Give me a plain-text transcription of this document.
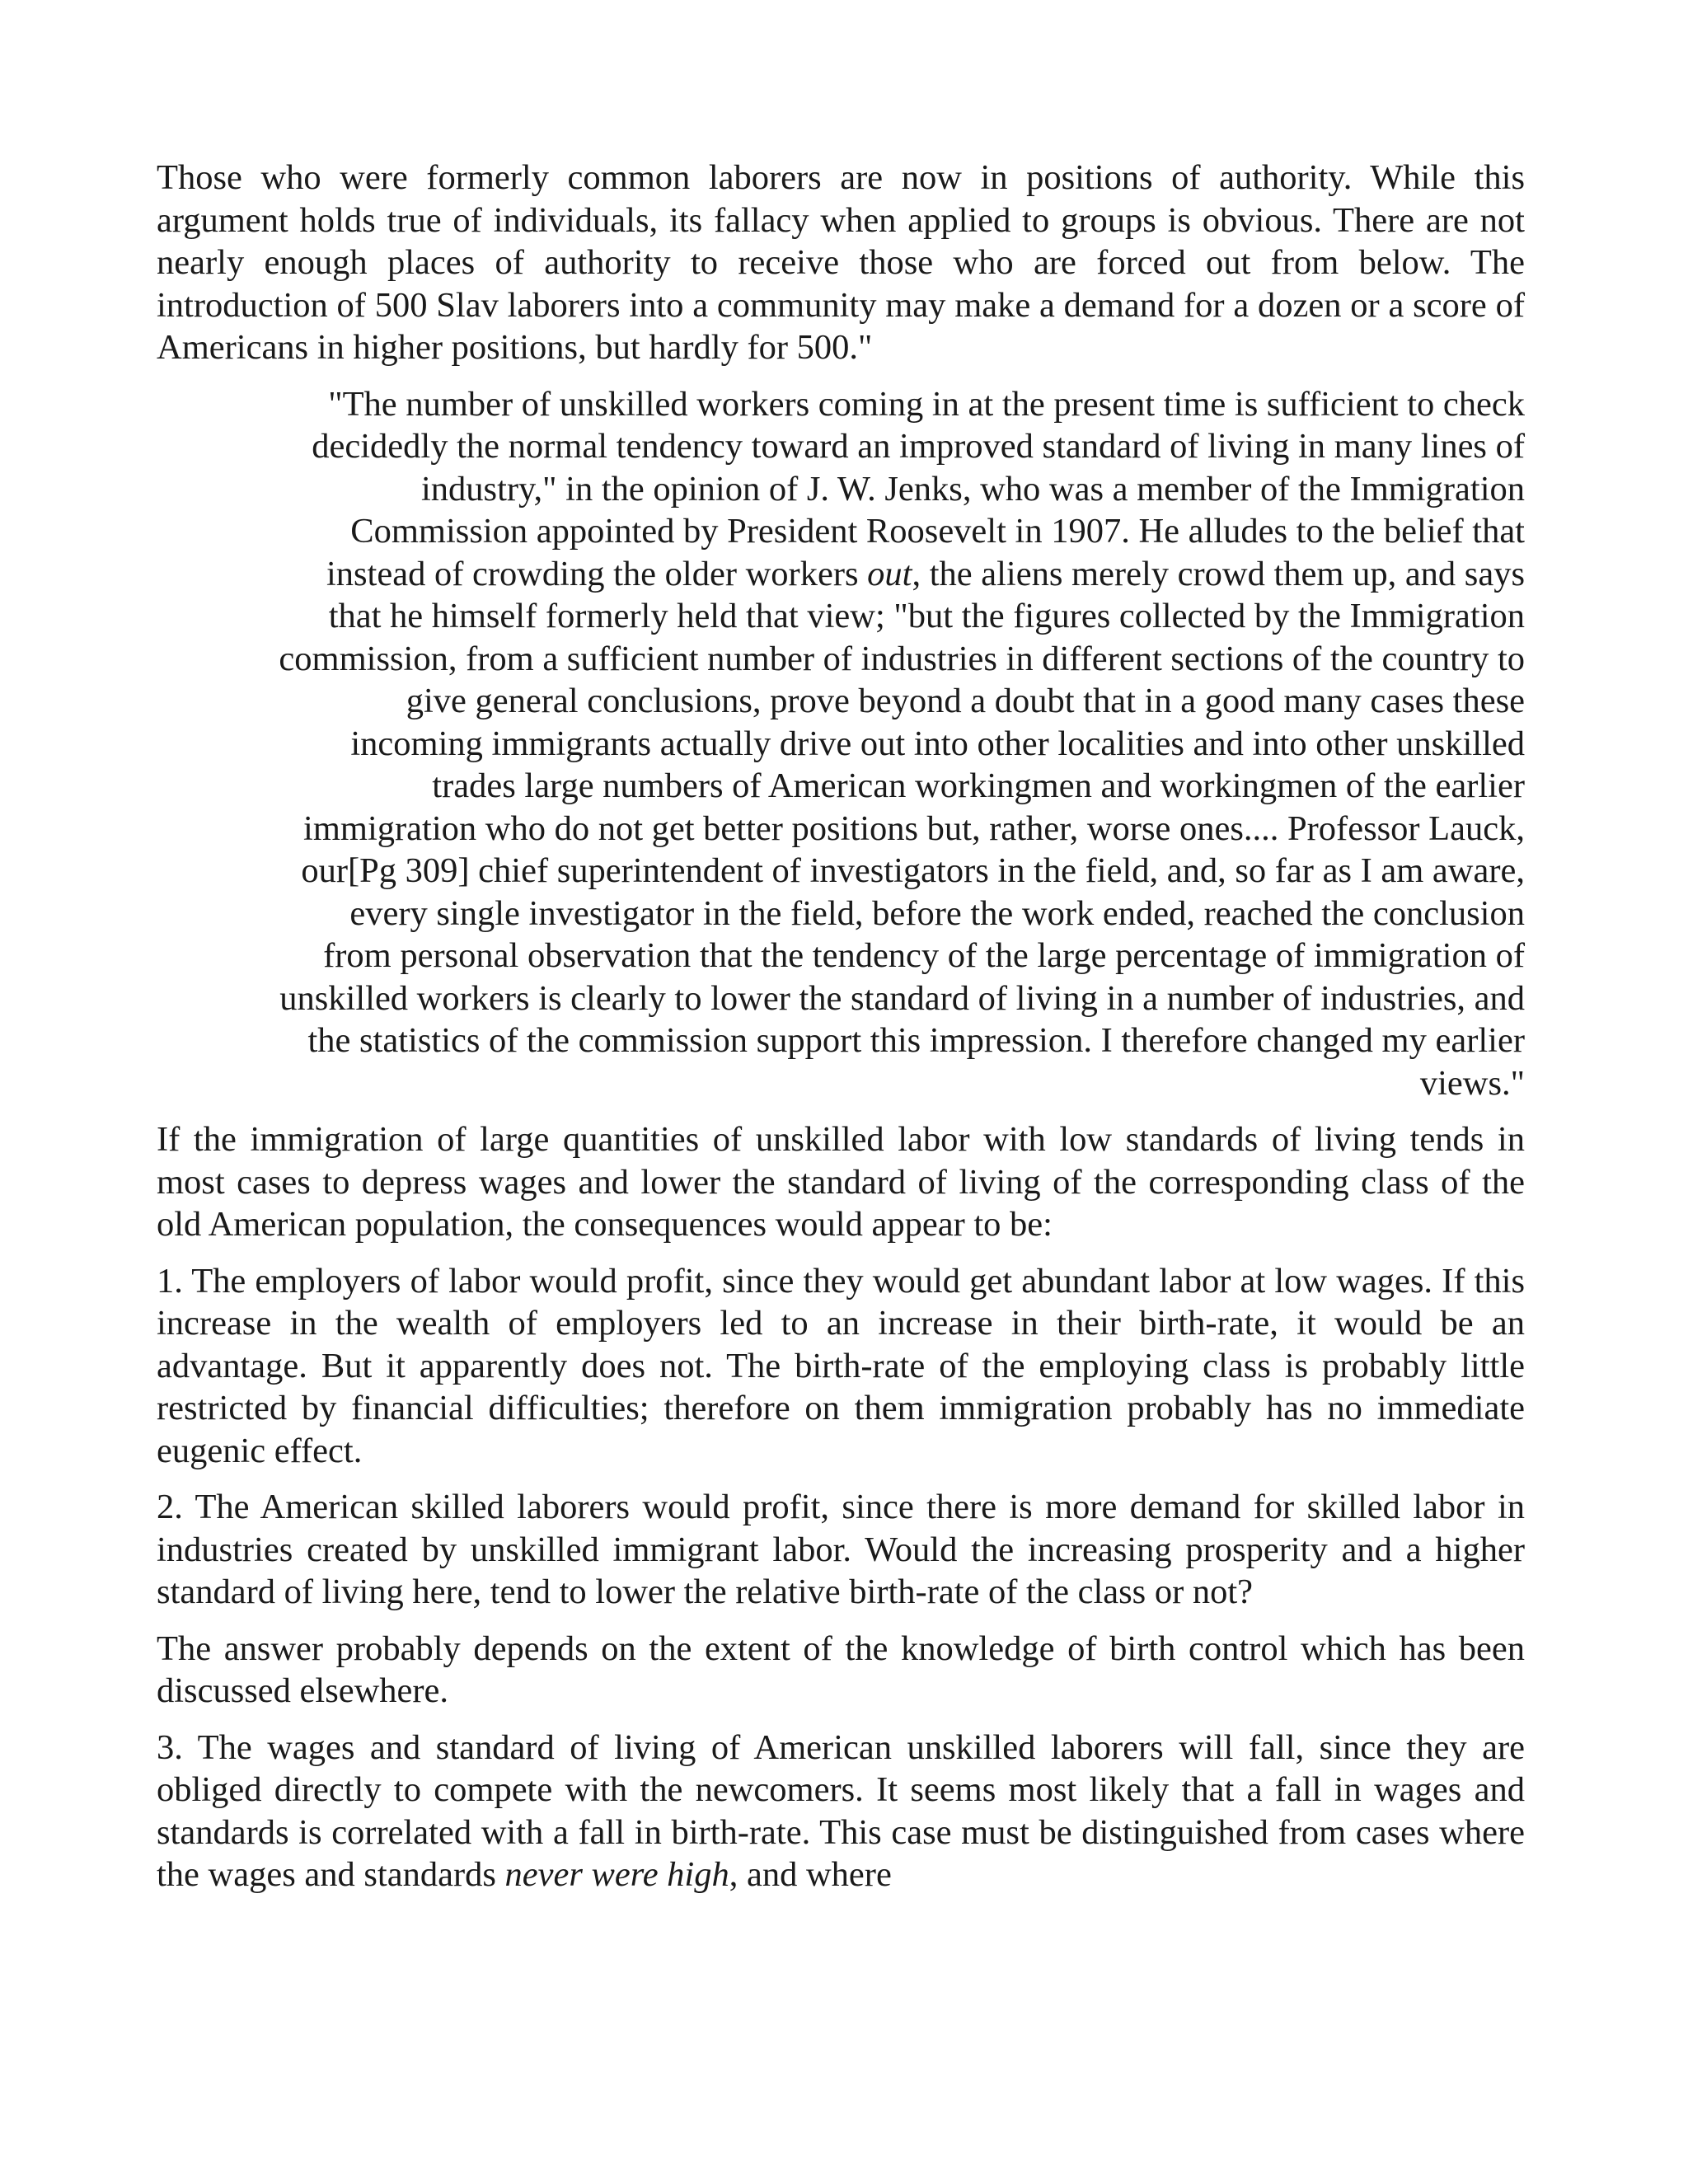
Those who were formerly common laborers are now in positions of authority. While this argument holds true of individuals, its fallacy when applied to groups is obvious. There are not nearly enough places of authority to receive those who are forced out from below. The introduction of 500 Slav laborers into a community may make a demand for a dozen or a score of Americans in higher positions, but hardly for 500."

"The number of unskilled workers coming in at the present time is sufficient to check
decidedly the normal tendency toward an improved standard of living in many lines of
industry," in the opinion of J. W. Jenks, who was a member of the Immigration
Commission appointed by President Roosevelt in 1907. He alludes to the belief that
instead of crowding the older workers out, the aliens merely crowd them up, and says
that he himself formerly held that view; "but the figures collected by the Immigration
commission, from a sufficient number of industries in different sections of the country to
give general conclusions, prove beyond a doubt that in a good many cases these
incoming immigrants actually drive out into other localities and into other unskilled
trades large numbers of American workingmen and workingmen of the earlier
immigration who do not get better positions but, rather, worse ones.... Professor Lauck,
our[Pg 309] chief superintendent of investigators in the field, and, so far as I am aware,
every single investigator in the field, before the work ended, reached the conclusion
from personal observation that the tendency of the large percentage of immigration of
unskilled workers is clearly to lower the standard of living in a number of industries, and
the statistics of the commission support this impression. I therefore changed my earlier
views."

If the immigration of large quantities of unskilled labor with low standards of living tends in most cases to depress wages and lower the standard of living of the corresponding class of the old American population, the consequences would appear to be:

1. The employers of labor would profit, since they would get abundant labor at low wages. If this increase in the wealth of employers led to an increase in their birth-rate, it would be an advantage. But it apparently does not. The birth-rate of the employing class is probably little restricted by financial difficulties; therefore on them immigration probably has no immediate eugenic effect.

2. The American skilled laborers would profit, since there is more demand for skilled labor in industries created by unskilled immigrant labor. Would the increasing prosperity and a higher standard of living here, tend to lower the relative birth-rate of the class or not?

The answer probably depends on the extent of the knowledge of birth control which has been discussed elsewhere.

3. The wages and standard of living of American unskilled laborers will fall, since they are obliged directly to compete with the newcomers. It seems most likely that a fall in wages and standards is correlated with a fall in birth-rate. This case must be distinguished from cases where the wages and standards never were high, and where
